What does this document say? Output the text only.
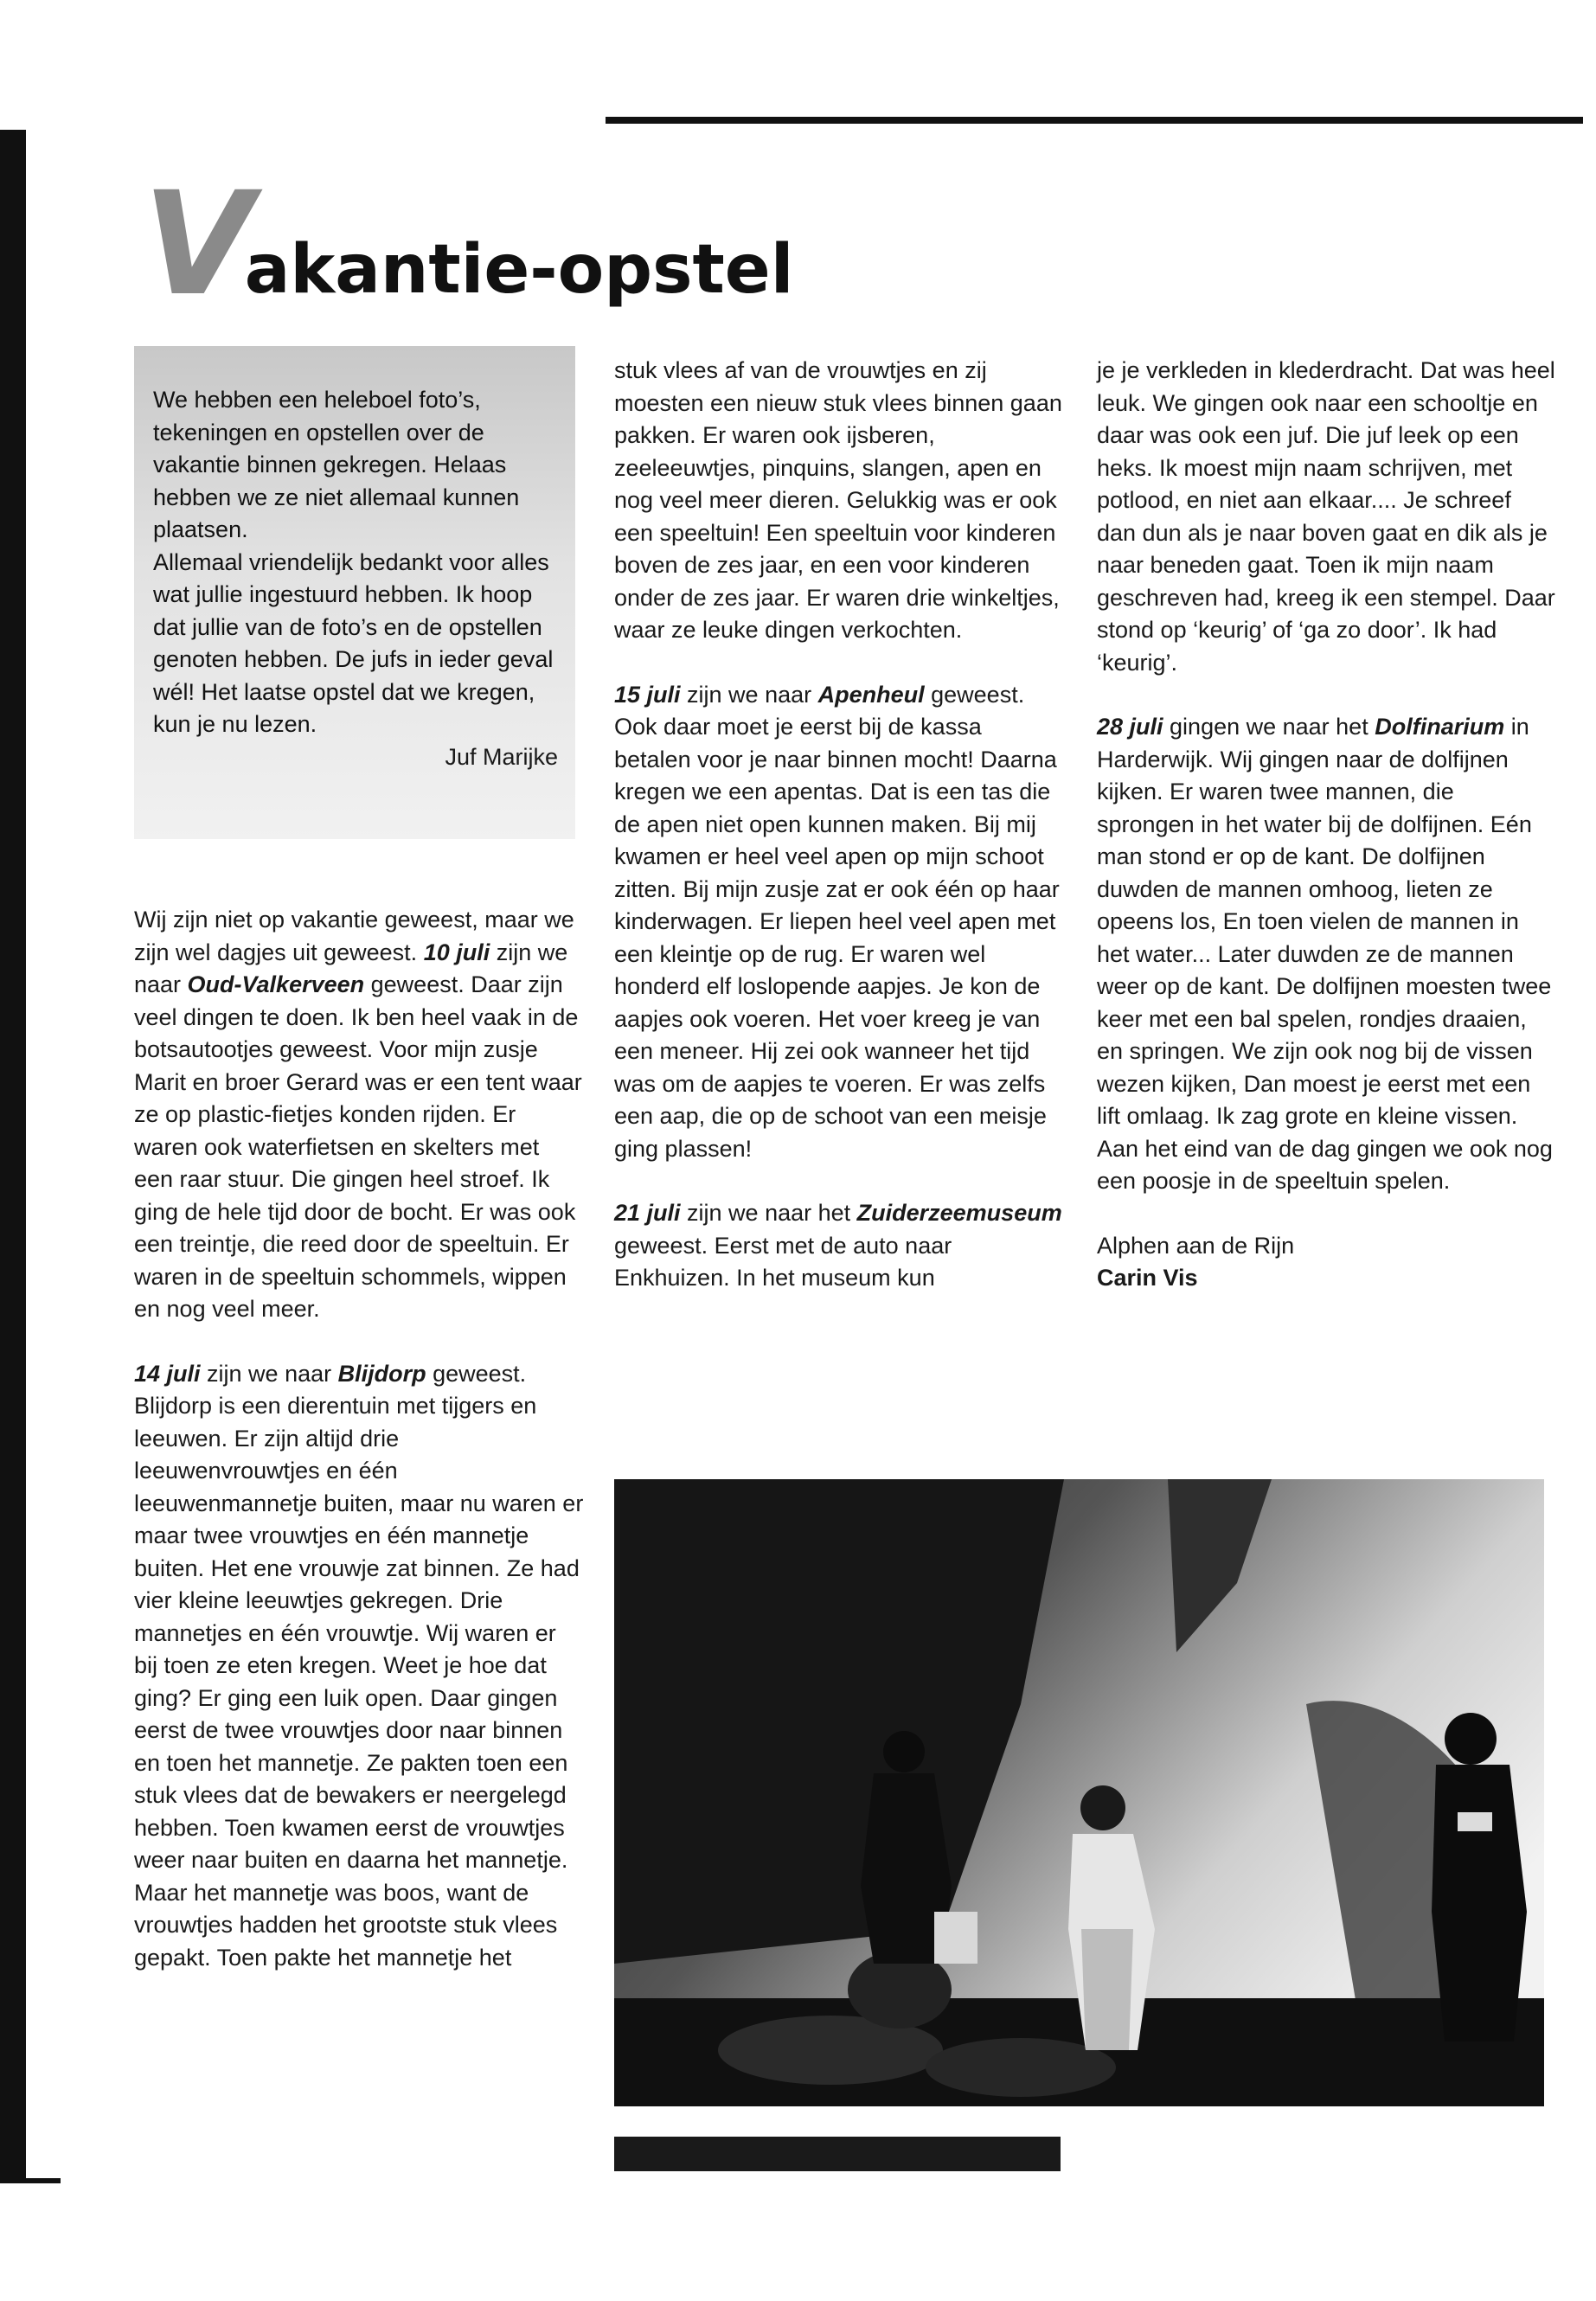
V
akantie-opstel

We hebben een heleboel foto’s, tekeningen en opstellen over de vakantie binnen gekregen. Helaas hebben we ze niet allemaal kunnen plaatsen.

Allemaal vriendelijk bedankt voor alles wat jullie ingestuurd hebben. Ik hoop dat jullie van de foto’s en de opstellen genoten hebben. De jufs in ieder geval wél! Het laatse opstel dat we kregen, kun je nu lezen.

Juf Marijke

Wij zijn niet op vakantie geweest, maar we zijn wel dagjes uit geweest. 10 juli zijn we naar Oud-Valkerveen geweest. Daar zijn veel dingen te doen. Ik ben heel vaak in de botsautootjes geweest. Voor mijn zusje Marit en broer Gerard was er een tent waar ze op plastic-fietjes konden rijden. Er waren ook waterfietsen en skelters met een raar stuur. Die gingen heel stroef. Ik ging de hele tijd door de bocht. Er was ook een treintje, die reed door de speeltuin. Er waren in de speeltuin schommels, wippen en nog veel meer.

14 juli zijn we naar Blijdorp geweest. Blijdorp is een dierentuin met tijgers en leeuwen. Er zijn altijd drie leeuwenvrouwtjes en één leeuwenmannetje buiten, maar nu waren er maar twee vrouwtjes en één mannetje buiten. Het ene vrouwje zat binnen. Ze had vier kleine leeuwtjes gekregen. Drie mannetjes en één vrouwtje. Wij waren er bij toen ze eten kregen. Weet je hoe dat ging? Er ging een luik open. Daar gingen eerst de twee vrouwtjes door naar binnen en toen het mannetje. Ze pakten toen een stuk vlees dat de bewakers er neergelegd hebben. Toen kwamen eerst de vrouwtjes weer naar buiten en daarna het mannetje. Maar het mannetje was boos, want de vrouwtjes hadden het grootste stuk vlees gepakt. Toen pakte het mannetje het

stuk vlees af van de vrouwtjes en zij moesten een nieuw stuk vlees binnen gaan pakken. Er waren ook ijsberen, zeeleeuwtjes, pinquins, slangen, apen en nog veel meer dieren. Gelukkig was er ook een speeltuin! Een speeltuin voor kinderen boven de zes jaar, en een voor kinderen onder de zes jaar. Er waren drie winkeltjes, waar ze leuke dingen verkochten.

15 juli zijn we naar Apenheul geweest. Ook daar moet je eerst bij de kassa betalen voor je naar binnen mocht! Daarna kregen we een apentas. Dat is een tas die de apen niet open kunnen maken. Bij mij kwamen er heel veel apen op mijn schoot zitten. Bij mijn zusje zat er ook één op haar kinderwagen. Er liepen heel veel apen met een kleintje op de rug. Er waren wel honderd elf loslopende aapjes. Je kon de aapjes ook voeren. Het voer kreeg je van een meneer. Hij zei ook wanneer het tijd was om de aapjes te voeren. Er was zelfs een aap, die op de schoot van een meisje ging plassen!

21 juli zijn we naar het Zuiderzeemuseum geweest. Eerst met de auto naar Enkhuizen. In het museum kun

je je verkleden in klederdracht. Dat was heel leuk. We gingen ook naar een schooltje en daar was ook een juf. Die juf leek op een heks. Ik moest mijn naam schrijven, met potlood, en niet aan elkaar.... Je schreef dan dun als je naar boven gaat en dik als je naar beneden gaat. Toen ik mijn naam geschreven had, kreeg ik een stempel. Daar stond op ‘keurig’ of ‘ga zo door’. Ik had ‘keurig’.

28 juli gingen we naar het Dolfinarium in Harderwijk. Wij gingen naar de dolfijnen kijken. Er waren twee mannen, die sprongen in het water bij de dolfijnen. Eén man stond er op de kant. De dolfijnen duwden de mannen omhoog, lieten ze opeens los, En toen vielen de mannen in het water... Later duwden ze de mannen weer op de kant. De dolfijnen moesten twee keer met een bal spelen, rondjes draaien, en springen. We zijn ook nog bij de vissen wezen kijken, Dan moest je eerst met een lift omlaag. Ik zag grote en kleine vissen. Aan het eind van de dag gingen we ook nog een poosje in de speeltuin spelen.

Alphen aan de Rijn

Carin Vis
